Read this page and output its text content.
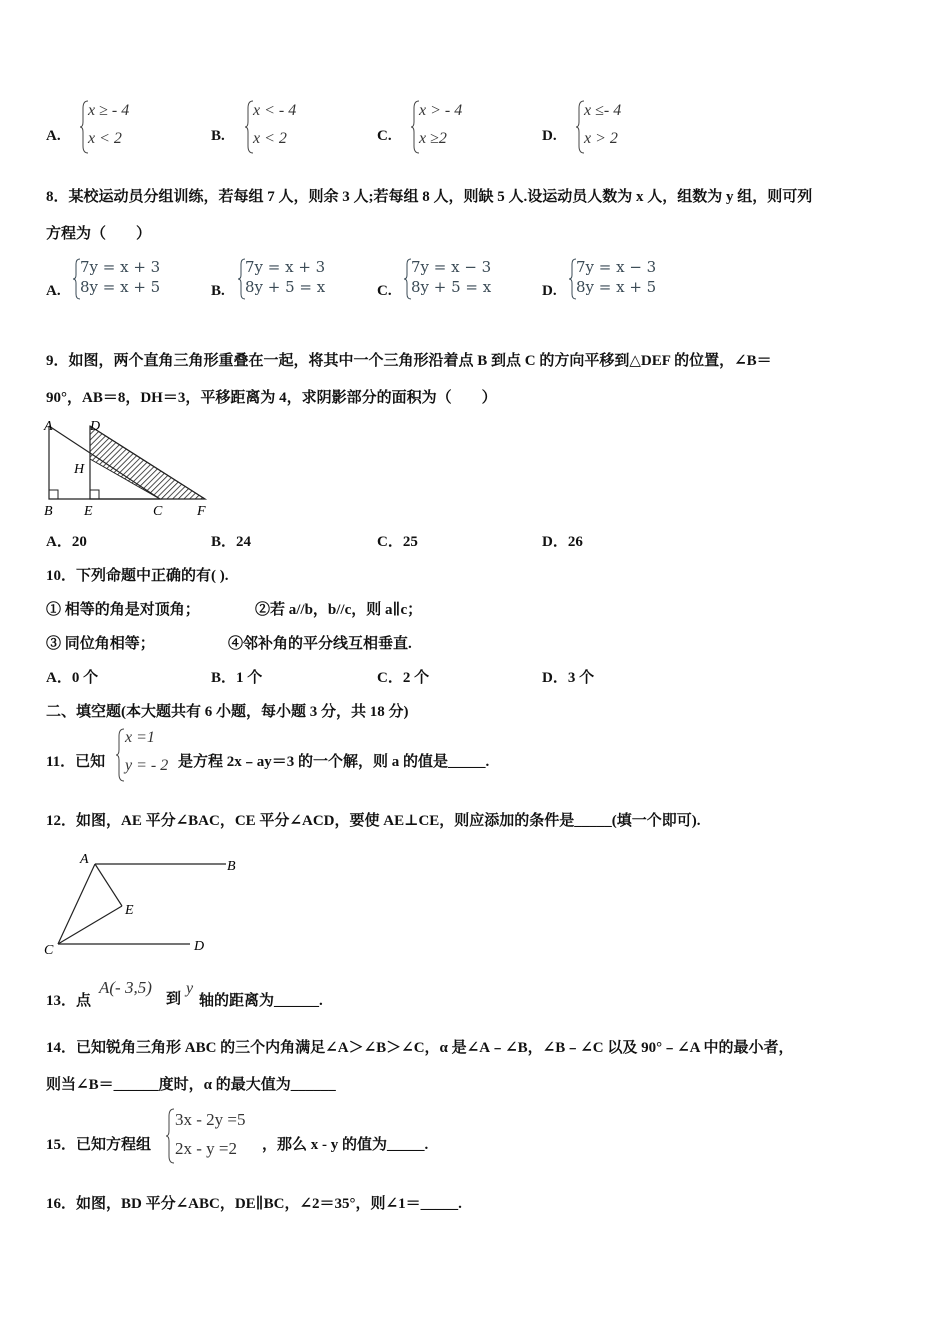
A.
x ≥ - 4
x < 2	B.
x < - 4
x < 2	C.
x > - 4
x ≥2	D.
x ≤- 4
x > 2
8．某校运动员分组训练，若每组 7 人，则余 3 人;若每组 8 人，则缺 5 人.设运动员人数为 x 人，组数为 y 组，则可列
方程为（　　）
A.
7y = x + 3
8y = x + 5	B.
7y = x + 3
8y + 5 = x	C.
7y = x − 3
8y + 5 = x	D.
7y = x − 3
8y = x + 5
9．如图，两个直角三角形重叠在一起，将其中一个三角形沿着点 B 到点 C 的方向平移到△DEF 的位置，∠B＝
90°，AB＝8，DH＝3，平移距离为 4，求阴影部分的面积为（　　）
A	D
H
B E	C F
A．20	B．24	C．25	D．26
10．下列命题中正确的有( ).
① 相等的角是对顶角；	②若 a//b，b//c，则 a∥c；
③ 同位角相等；	④邻补角的平分线互相垂直.
A．0 个	B．1 个	C．2 个	D．3 个
二、填空题(本大题共有 6 小题，每小题 3 分，共 18 分)
11．已知
x =1
y = - 2 是方程 2x﹣ay＝3 的一个解，则 a 的值是_____.
12．如图，AE 平分∠BAC，CE 平分∠ACD，要使 AE⊥CE，则应添加的条件是_____(填一个即可).
A	B
E
C	D
13．点
A(- 3,5)
到
y
轴的距离为______.
14．已知锐角三角形 ABC 的三个内角满足∠A＞∠B＞∠C，α 是∠A﹣∠B，∠B﹣∠C 以及 90°﹣∠A 中的最小者，
则当∠B＝______度时，α 的最大值为______
15．已知方程组
3x - 2y =5
2x - y =2 ，那么 x - y 的值为_____.
16．如图，BD 平分∠ABC，DE∥BC，∠2＝35°，则∠1＝_____.
